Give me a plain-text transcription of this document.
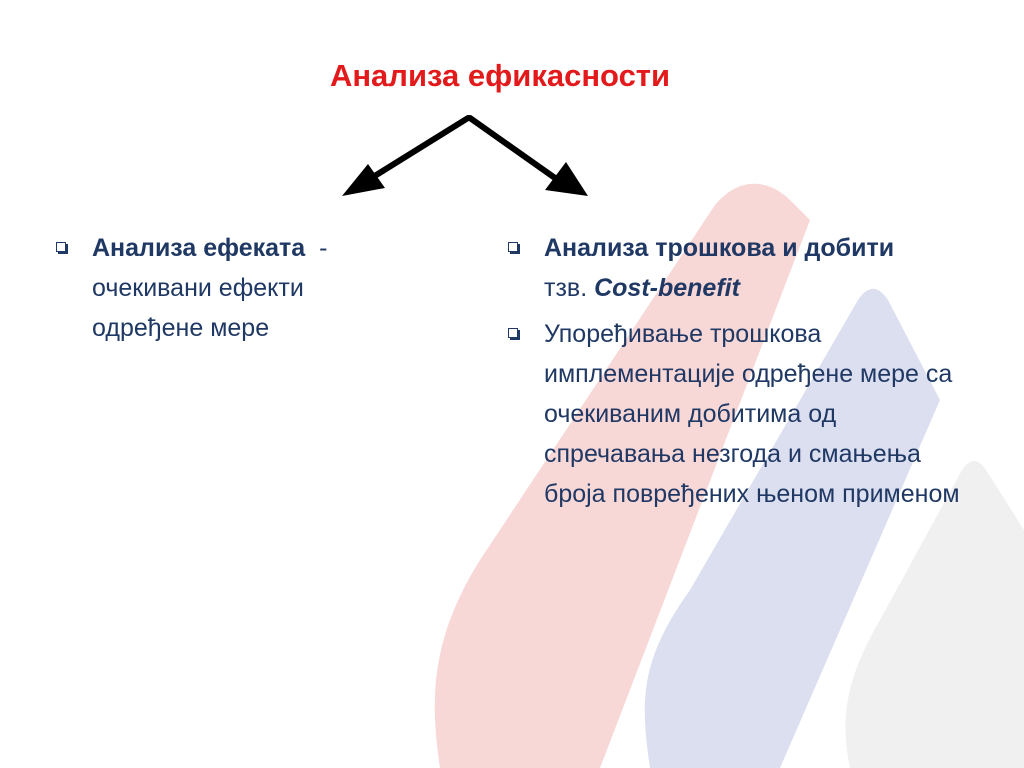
Анализа ефикасности
Анализа ефеката  -
очекивани ефекти одређене мере
Анализа трошкова и добити
тзв. Cost-benefit
Упоређивање трошкова имплементације одређене мере са очекиваним добитима од спречавања незгода и смањења броја повређених њеном применом
